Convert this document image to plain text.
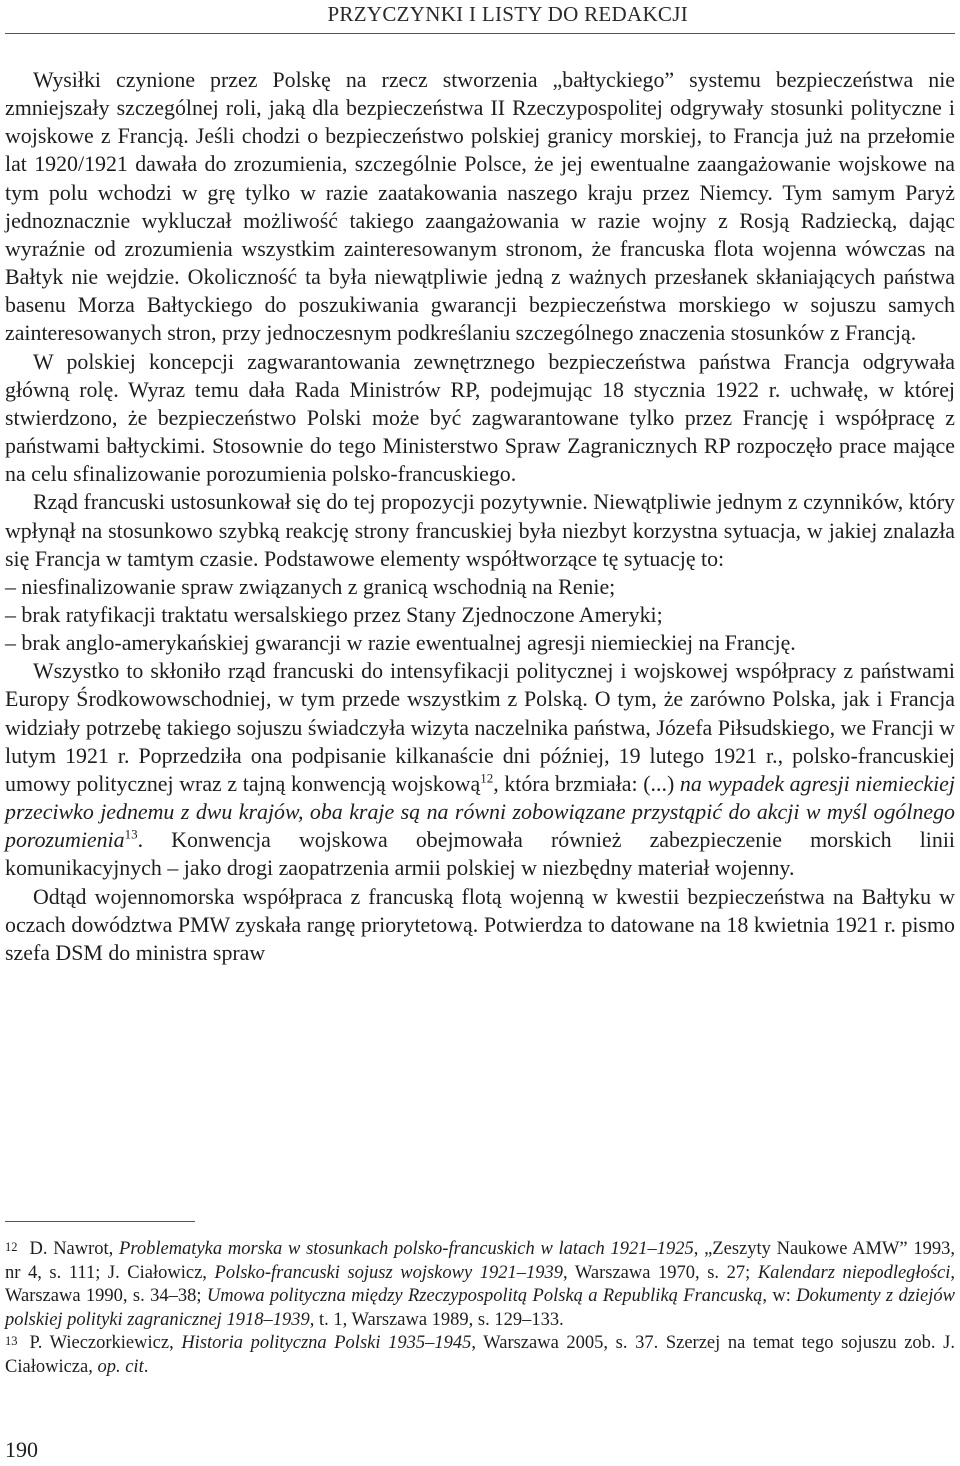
PRZYCZYNKI I LISTY DO REDAKCJI

Wysiłki czynione przez Polskę na rzecz stworzenia „bałtyckiego” systemu bezpieczeństwa nie zmniejszały szczególnej roli, jaką dla bezpieczeństwa II Rzeczypospolitej odgrywały stosunki polityczne i wojskowe z Francją. Jeśli chodzi o bezpieczeństwo polskiej granicy morskiej, to Francja już na przełomie lat 1920/1921 dawała do zrozumienia, szczególnie Polsce, że jej ewentualne zaangażowanie wojskowe na tym polu wchodzi w grę tylko w razie zaatakowania naszego kraju przez Niemcy. Tym samym Paryż jednoznacznie wykluczał możliwość takiego zaangażowania w razie wojny z Rosją Radziecką, dając wyraźnie od zrozumienia wszystkim zainteresowanym stronom, że francuska flota wojenna wówczas na Bałtyk nie wejdzie. Okoliczność ta była niewątpliwie jedną z ważnych przesłanek skłaniających państwa basenu Morza Bałtyckiego do poszukiwania gwarancji bezpieczeństwa morskiego w sojuszu samych zainteresowanych stron, przy jednoczesnym podkreślaniu szczególnego znaczenia stosunków z Francją.

W polskiej koncepcji zagwarantowania zewnętrznego bezpieczeństwa państwa Francja odgrywała główną rolę. Wyraz temu dała Rada Ministrów RP, podejmując 18 stycznia 1922 r. uchwałę, w której stwierdzono, że bezpieczeństwo Polski może być zagwarantowane tylko przez Francję i współpracę z państwami bałtyckimi. Stosownie do tego Ministerstwo Spraw Zagranicznych RP rozpoczęło prace mające na celu sfinalizowanie porozumienia polsko-francuskiego.

Rząd francuski ustosunkował się do tej propozycji pozytywnie. Niewątpliwie jednym z czynników, który wpłynął na stosunkowo szybką reakcję strony francuskiej była niezbyt korzystna sytuacja, w jakiej znalazła się Francja w tamtym czasie. Podstawowe elementy współtworzące tę sytuację to:

– niesfinalizowanie spraw związanych z granicą wschodnią na Renie;

– brak ratyfikacji traktatu wersalskiego przez Stany Zjednoczone Ameryki;

– brak anglo-amerykańskiej gwarancji w razie ewentualnej agresji niemieckiej na Francję.

Wszystko to skłoniło rząd francuski do intensyfikacji politycznej i wojskowej współpracy z państwami Europy Środkowowschodniej, w tym przede wszystkim z Polską. O tym, że zarówno Polska, jak i Francja widziały potrzebę takiego sojuszu świadczyła wizyta naczelnika państwa, Józefa Piłsudskiego, we Francji w lutym 1921 r. Poprzedziła ona podpisanie kilkanaście dni później, 19 lutego 1921 r., polsko-francuskiej umowy politycznej wraz z tajną konwencją wojskową$^{12}$, która brzmiała: (...) na wypadek agresji niemieckiej przeciwko jednemu z dwu krajów, oba kraje są na równi zobowiązane przystąpić do akcji w myśl ogólnego porozumienia$^{13}$. Konwencja wojskowa obejmowała również zabezpieczenie morskich linii komunikacyjnych – jako drogi zaopatrzenia armii polskiej w niezbędny materiał wojenny.

Odtąd wojennomorska współpraca z francuską flotą wojenną w kwestii bezpieczeństwa na Bałtyku w oczach dowództwa PMW zyskała rangę priorytetową. Potwierdza to datowane na 18 kwietnia 1921 r. pismo szefa DSM do ministra spraw

$^{12}$ D. Nawrot, Problematyka morska w stosunkach polsko-francuskich w latach 1921–1925, „Zeszyty Naukowe AMW” 1993, nr 4, s. 111; J. Ciałowicz, Polsko-francuski sojusz wojskowy 1921–1939, Warszawa 1970, s. 27; Kalendarz niepodległości, Warszawa 1990, s. 34–38; Umowa polityczna między Rzeczypospolitą Polską a Republiką Francuską, w: Dokumenty z dziejów polskiej polityki zagranicznej 1918–1939, t. 1, Warszawa 1989, s. 129–133.

$^{13}$ P. Wieczorkiewicz, Historia polityczna Polski 1935–1945, Warszawa 2005, s. 37. Szerzej na temat tego sojuszu zob. J. Ciałowicza, op. cit.

190
